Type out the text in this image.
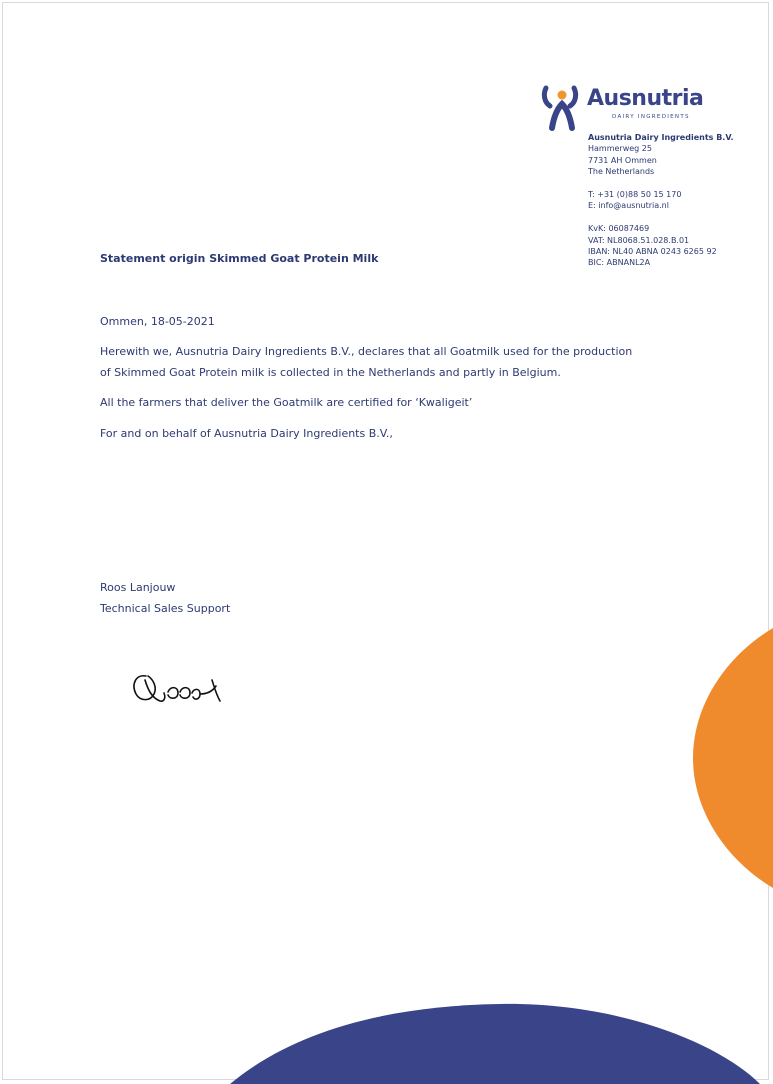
Ausnutria
DAIRY INGREDIENTS
Ausnutria Dairy Ingredients B.V.
Hammerweg 25
7731 AH Ommen
The Netherlands
T: +31 (0)88 50 15 170
E: info@ausnutria.nl
KvK: 06087469
VAT: NL8068.51.028.B.01
IBAN: NL40 ABNA 0243 6265 92
BIC: ABNANL2A
Statement origin Skimmed Goat Protein Milk
Ommen, 18-05-2021
Herewith we, Ausnutria Dairy Ingredients B.V., declares that all Goatmilk used for the production
of Skimmed Goat Protein milk is collected in the Netherlands and partly in Belgium.
All the farmers that deliver the Goatmilk are certified for ‘Kwaligeit’
For and on behalf of Ausnutria Dairy Ingredients B.V.,
Roos Lanjouw
Technical Sales Support
